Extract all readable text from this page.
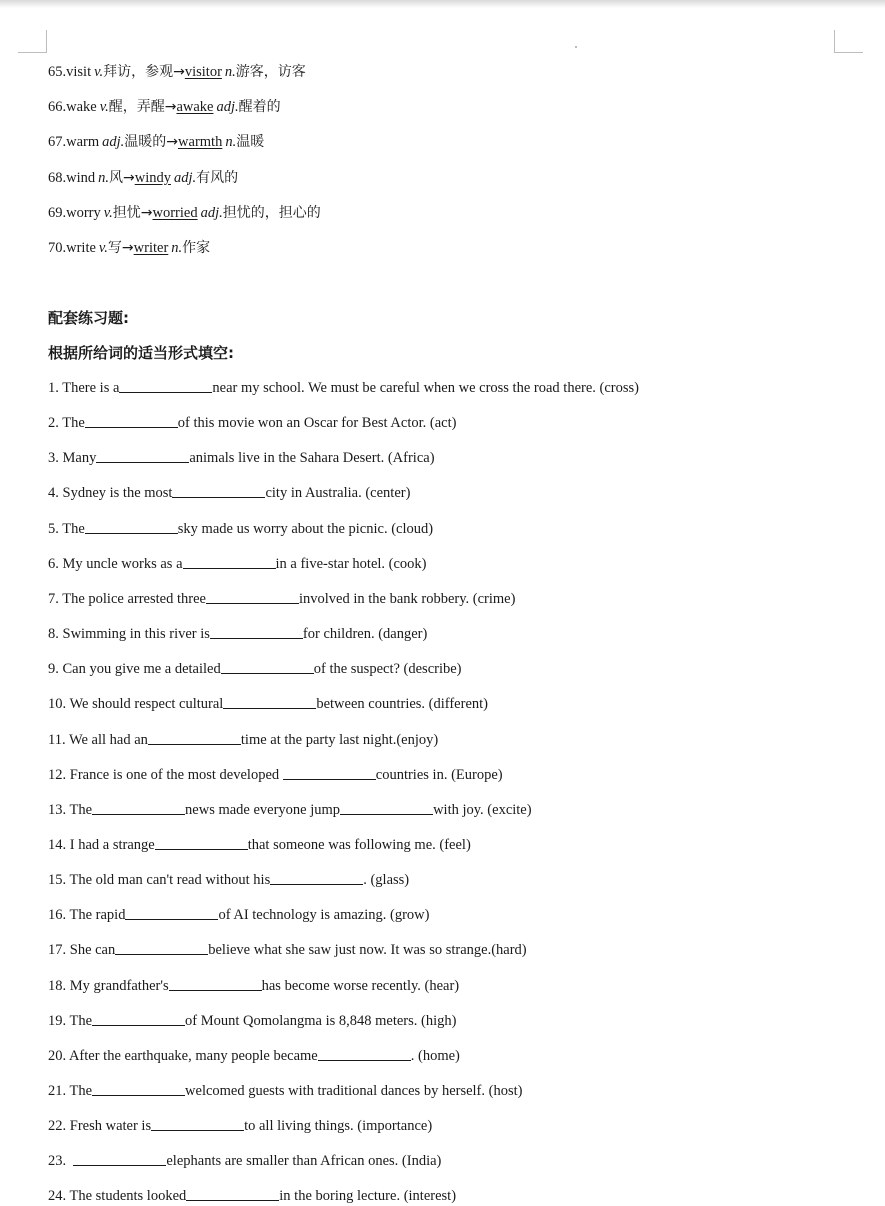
65.visit v.拜访，参观→visitor n.游客，访客
66.wake v.醒，弄醒→awake adj.醒着的
67.warm adj.温暖的→warmth n.温暖
68.wind n.风→windy adj.有风的
69.worry v.担忧→worried adj.担忧的，担心的
70.write v.写→writer n.作家
配套练习题:
根据所给词的适当形式填空:
1. There is a	near my school. We must be careful when we cross the road there. (cross)
2. The	of this movie won an Oscar for Best Actor. (act)
3. Many	animals live in the Sahara Desert. (Africa)
4. Sydney is the most	city in Australia. (center)
5. The	sky made us worry about the picnic. (cloud)
6. My uncle works as a	in a five-star hotel. (cook)
7. The police arrested three	involved in the bank robbery. (crime)
8. Swimming in this river is	for children. (danger)
9. Can you give me a detailed	of the suspect? (describe)
10. We should respect cultural	between countries. (different)
11. We all had an	time at the party last night.(enjoy)
12. France is one of the most developed	countries in. (Europe)
13. The	news made everyone jump	with joy. (excite)
14. I had a strange	that someone was following me. (feel)
15. The old man can't read without his	. (glass)
16. The rapid	of AI technology is amazing. (grow)
17. She can	believe what she saw just now. It was so strange.(hard)
18. My grandfather's	has become worse recently. (hear)
19. The	of Mount Qomolangma is 8,848 meters. (high)
20. After the earthquake, many people became	. (home)
21. The	welcomed guests with traditional dances by herself. (host)
22. Fresh water is	to all living things. (importance)
23.	elephants are smaller than African ones. (India)
24. The students looked	in the boring lecture. (interest)
